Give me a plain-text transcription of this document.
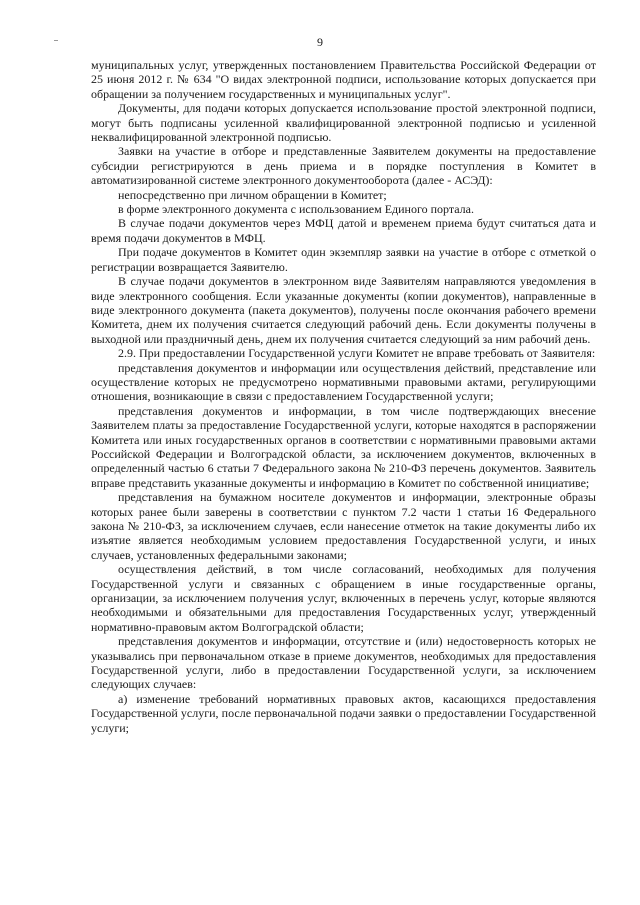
9

муниципальных услуг, утвержденных постановлением Правительства Российской Федерации от 25 июня 2012 г. № 634 "О видах электронной подписи, использование которых допускается при обращении за получением государственных и муниципальных услуг".

Документы, для подачи которых допускается использование простой электронной подписи, могут быть подписаны усиленной квалифицированной электронной подписью и усиленной неквалифицированной электронной подписью.

Заявки на участие в отборе и представленные Заявителем документы на предоставление субсидии регистрируются в день приема и в порядке поступления в Комитет в автоматизированной системе электронного документооборота (далее - АСЭД):

непосредственно при личном обращении в Комитет;

в форме электронного документа с использованием Единого портала.

В случае подачи документов через МФЦ датой и временем приема будут считаться дата и время подачи документов в МФЦ.

При подаче документов в Комитет один экземпляр заявки на участие в отборе с отметкой о регистрации возвращается Заявителю.

В случае подачи документов в электронном виде Заявителям направляются уведомления в виде электронного сообщения. Если указанные документы (копии документов), направленные в виде электронного документа (пакета документов), получены после окончания рабочего времени Комитета, днем их получения считается следующий рабочий день. Если документы получены в выходной или праздничный день, днем их получения считается следующий за ним рабочий день.

2.9. При предоставлении Государственной услуги Комитет не вправе требовать от Заявителя:

представления документов и информации или осуществления действий, представление или осуществление которых не предусмотрено нормативными правовыми актами, регулирующими отношения, возникающие в связи с предоставлением Государственной услуги;

представления документов и информации, в том числе подтверждающих внесение Заявителем платы за предоставление Государственной услуги, которые находятся в распоряжении Комитета или иных государственных органов в соответствии с нормативными правовыми актами Российской Федерации и Волгоградской области, за исключением документов, включенных в определенный частью 6 статьи 7 Федерального закона № 210-ФЗ перечень документов. Заявитель вправе представить указанные документы и информацию в Комитет по собственной инициативе;

представления на бумажном носителе документов и информации, электронные образы которых ранее были заверены в соответствии с пунктом 7.2 части 1 статьи 16 Федерального закона № 210-ФЗ, за исключением случаев, если нанесение отметок на такие документы либо их изъятие является необходимым условием предоставления Государственной услуги, и иных случаев, установленных федеральными законами;

осуществления действий, в том числе согласований, необходимых для получения Государственной услуги и связанных с обращением в иные государственные органы, организации, за исключением получения услуг, включенных в перечень услуг, которые являются необходимыми и обязательными для предоставления Государственных услуг, утвержденный нормативно-правовым актом Волгоградской области;

представления документов и информации, отсутствие и (или) недостоверность которых не указывались при первоначальном отказе в приеме документов, необходимых для предоставления Государственной услуги, либо в предоставлении Государственной услуги, за исключением следующих случаев:

а) изменение требований нормативных правовых актов, касающихся предоставления Государственной услуги, после первоначальной подачи заявки о предоставлении Государственной услуги;
